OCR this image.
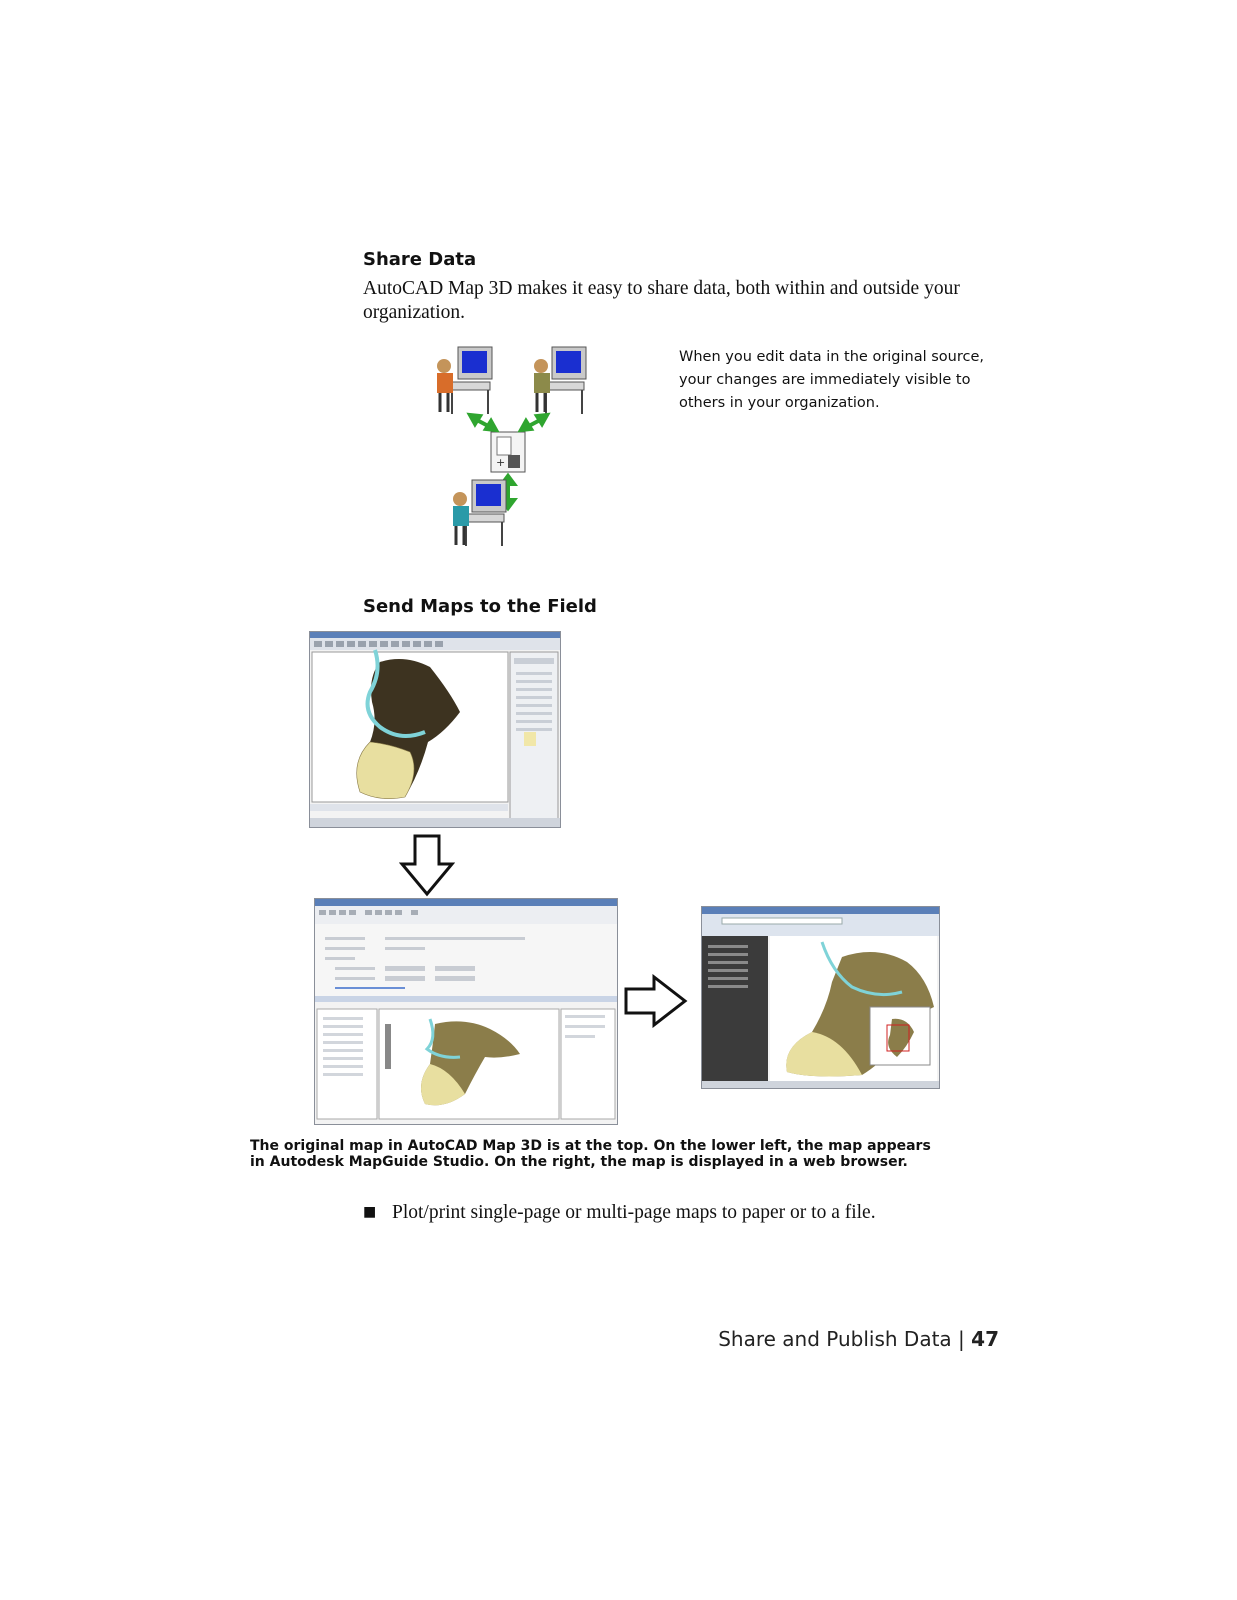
Share Data
AutoCAD Map 3D makes it easy to share data, both within and outside your
organization.
+
When you edit data in the original source,
your changes are immediately visible to
others in your organization.
Send Maps to the Field
The original map in AutoCAD Map 3D is at the top. On the lower left, the map appears
in Autodesk MapGuide Studio. On the right, the map is displayed in a web browser.
■ Plot/print single-page or multi-page maps to paper or to a file.
Share and Publish Data | 47
